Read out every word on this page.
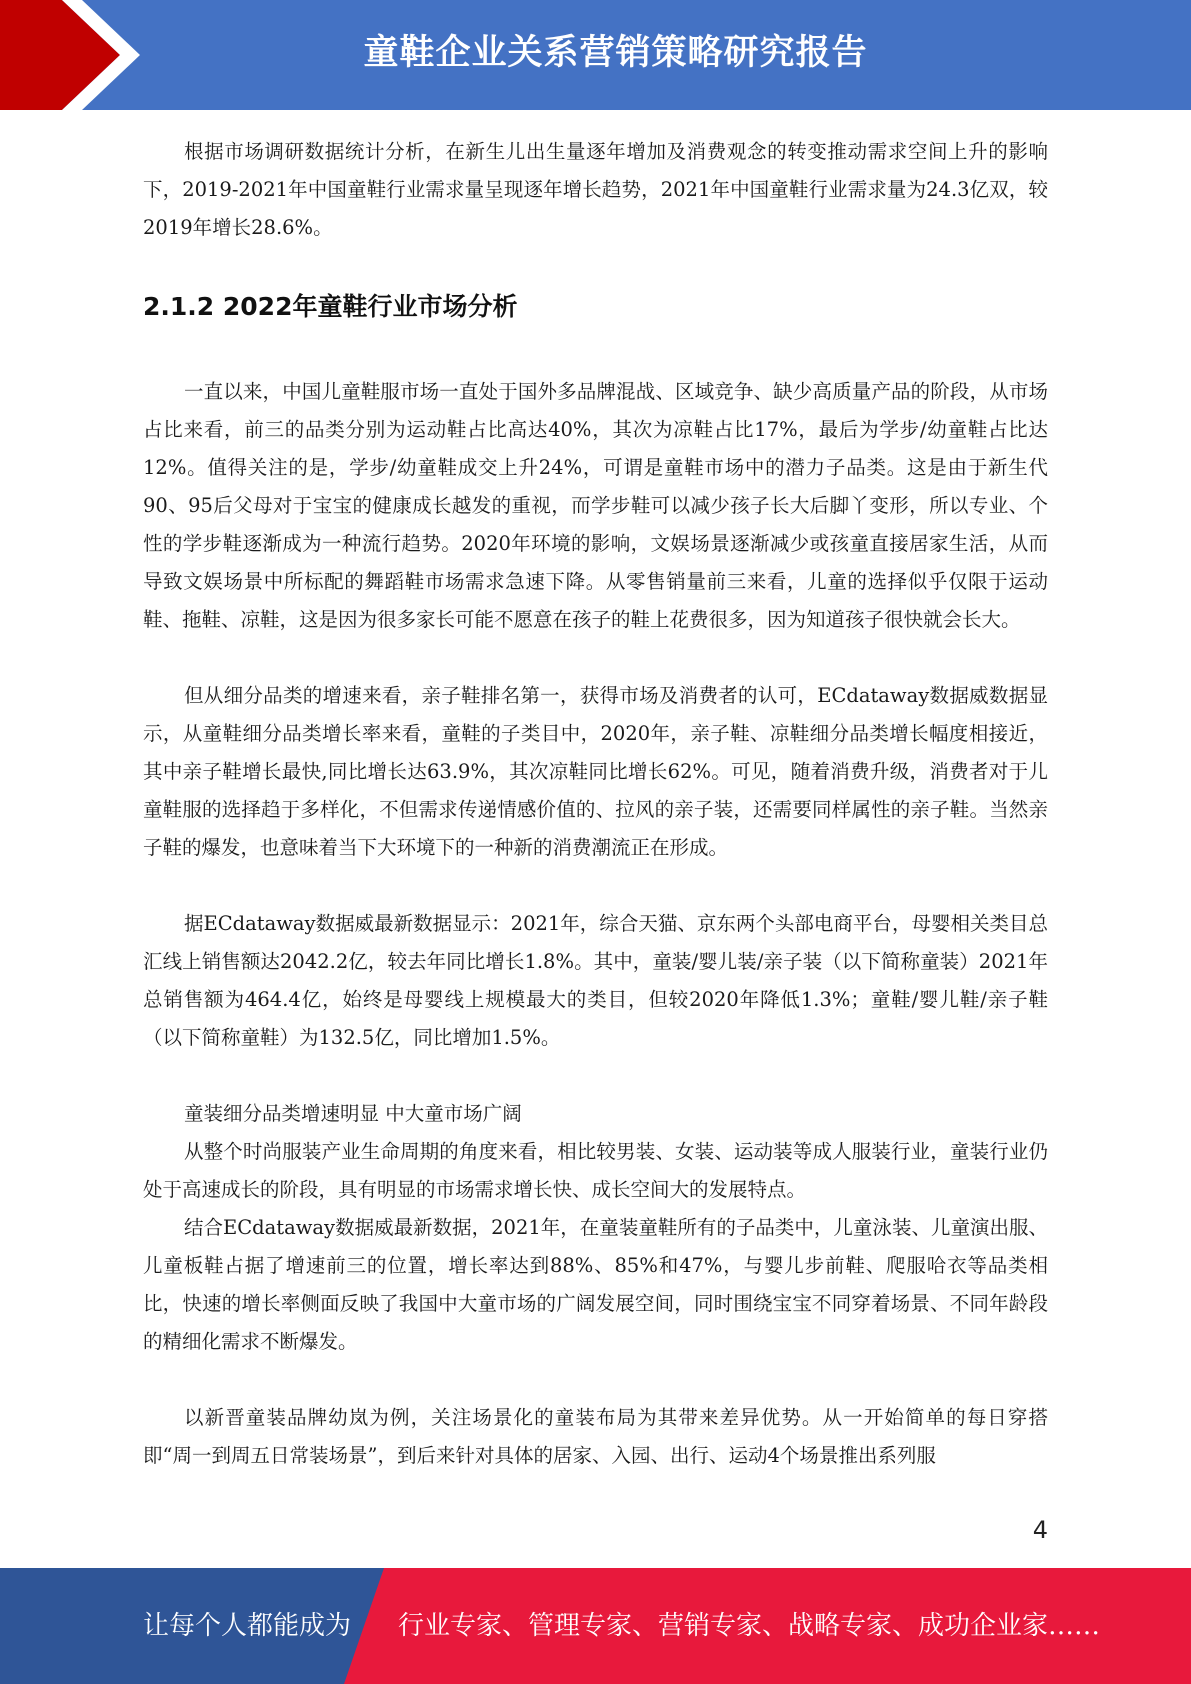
童鞋企业关系营销策略研究报告

根据市场调研数据统计分析，在新生儿出生量逐年增加及消费观念的转变推动需求空间上升的影响下，2019-2021年中国童鞋行业需求量呈现逐年增长趋势，2021年中国童鞋行业需求量为24.3亿双，较2019年增长28.6%。

2.1.2 2022年童鞋行业市场分析

一直以来，中国儿童鞋服市场一直处于国外多品牌混战、区域竞争、缺少高质量产品的阶段，从市场占比来看，前三的品类分别为运动鞋占比高达40%，其次为凉鞋占比17%，最后为学步/幼童鞋占比达12%。值得关注的是，学步/幼童鞋成交上升24%，可谓是童鞋市场中的潜力子品类。这是由于新生代90、95后父母对于宝宝的健康成长越发的重视，而学步鞋可以减少孩子长大后脚丫变形，所以专业、个性的学步鞋逐渐成为一种流行趋势。2020年环境的影响，文娱场景逐渐减少或孩童直接居家生活，从而导致文娱场景中所标配的舞蹈鞋市场需求急速下降。从零售销量前三来看，儿童的选择似乎仅限于运动鞋、拖鞋、凉鞋，这是因为很多家长可能不愿意在孩子的鞋上花费很多，因为知道孩子很快就会长大。

但从细分品类的增速来看，亲子鞋排名第一，获得市场及消费者的认可，ECdataway数据威数据显示，从童鞋细分品类增长率来看，童鞋的子类目中，2020年，亲子鞋、凉鞋细分品类增长幅度相接近，其中亲子鞋增长最快,同比增长达63.9%，其次凉鞋同比增长62%。可见，随着消费升级，消费者对于儿童鞋服的选择趋于多样化，不但需求传递情感价值的、拉风的亲子装，还需要同样属性的亲子鞋。当然亲子鞋的爆发，也意味着当下大环境下的一种新的消费潮流正在形成。

据ECdataway数据威最新数据显示：2021年，综合天猫、京东两个头部电商平台，母婴相关类目总汇线上销售额达2042.2亿，较去年同比增长1.8%。其中，童装/婴儿装/亲子装（以下简称童装）2021年总销售额为464.4亿，始终是母婴线上规模最大的类目，但较2020年降低1.3%；童鞋/婴儿鞋/亲子鞋（以下简称童鞋）为132.5亿，同比增加1.5%。

童装细分品类增速明显 中大童市场广阔

从整个时尚服装产业生命周期的角度来看，相比较男装、女装、运动装等成人服装行业，童装行业仍处于高速成长的阶段，具有明显的市场需求增长快、成长空间大的发展特点。

结合ECdataway数据威最新数据，2021年，在童装童鞋所有的子品类中，儿童泳装、儿童演出服、儿童板鞋占据了增速前三的位置，增长率达到88%、85%和47%，与婴儿步前鞋、爬服哈衣等品类相比，快速的增长率侧面反映了我国中大童市场的广阔发展空间，同时围绕宝宝不同穿着场景、不同年龄段的精细化需求不断爆发。

以新晋童装品牌幼岚为例，关注场景化的童装布局为其带来差异优势。从一开始简单的每日穿搭即“周一到周五日常装场景”，到后来针对具体的居家、入园、出行、运动4个场景推出系列服

4
让每个人都能成为 行业专家、管理专家、营销专家、战略专家、成功企业家……
